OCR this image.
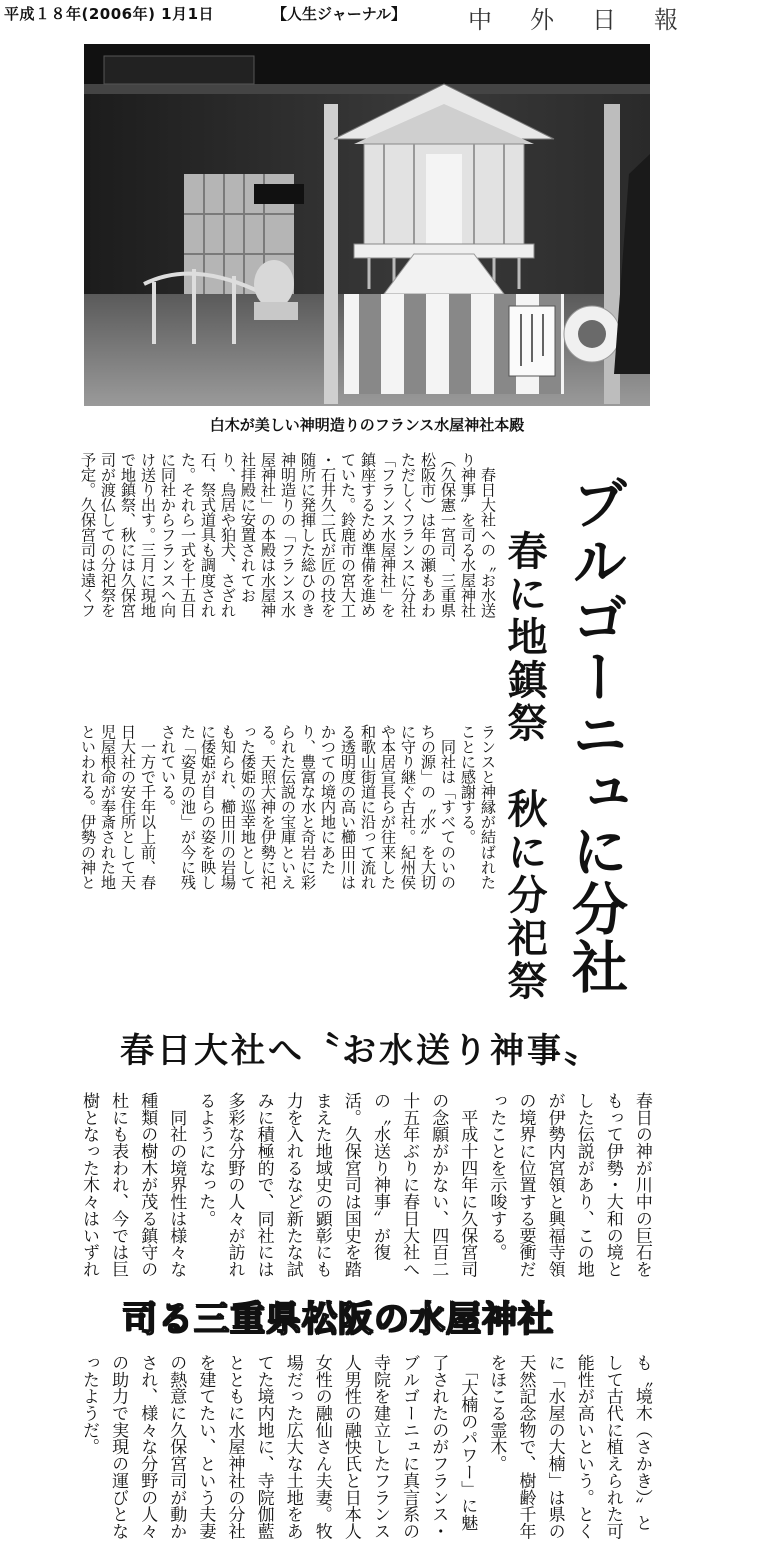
平成１８年(2006年) 1月1日	【人生ジャーナル】	中外日報
白木が美しい神明造りのフランス水屋神社本殿
ブルゴーニュに分社
春に地鎮祭　秋に分祀祭
　春日大社への〝お水送
り神事〟を司る水屋神社
（久保憲一宮司、三重県
松阪市）は年の瀬もあわ
ただしくフランスに分社
「フランス水屋神社」を
鎮座するため準備を進め
ていた。鈴鹿市の宮大工
・石井久二氏が匠の技を
随所に発揮した総ひのき
神明造りの「フランス水
屋神社」の本殿は水屋神
社拝殿に安置されてお
り、鳥居や狛犬、さざれ
石、祭式道具も調度され
た。それら一式を十五日
に同社からフランスへ向
け送り出す。三月に現地
で地鎮祭、秋には久保宮
司が渡仏しての分祀祭を
予定。久保宮司は遠くフ
ランスと神縁が結ばれた
ことに感謝する。
　同社は「すべてのいの
ちの源」の〝水〟を大切
に守り継ぐ古社。紀州侯
や本居宣長らが往来した
和歌山街道に沿って流れ
る透明度の高い櫛田川は
かつての境内地にあた
り、豊富な水と奇岩に彩
られた伝説の宝庫といえ
る。天照大神を伊勢に祀
った倭姫の巡幸地として
も知られ、櫛田川の岩場
に倭姫が自らの姿を映し
た「姿見の池」が今に残
されている。
　一方で千年以上前、春
日大社の安住所として天
児屋根命が奉斎された地
といわれる。伊勢の神と
春日大社へ〝お水送り神事〟
春日の神が川中の巨石を
もって伊勢・大和の境と
した伝説があり、この地
が伊勢内宮領と興福寺領
の境界に位置する要衝だ
ったことを示唆する。
　平成十四年に久保宮司
の念願がかない、四百二
十五年ぶりに春日大社へ
の〝水送り神事〟が復
活。久保宮司は国史を踏
まえた地域史の顕彰にも
力を入れるなど新たな試
みに積極的で、同社には
多彩な分野の人々が訪れ
るようになった。
　同社の境界性は様々な
種類の樹木が茂る鎮守の
杜にも表われ、今では巨
樹となった木々はいずれ
司る三重県松阪の水屋神社
も〝境木（さかき）〟と
して古代に植えられた可
能性が高いという。とく
に「水屋の大楠」は県の
天然記念物で、樹齢千年
をほこる霊木。
　「大楠のパワー」に魅
了されたのがフランス・
ブルゴーニュに真言系の
寺院を建立したフランス
人男性の融快氏と日本人
女性の融仙さん夫妻。牧
場だった広大な土地をあ
てた境内地に、寺院伽藍
とともに水屋神社の分社
を建てたい、という夫妻
の熱意に久保宮司が動か
され、様々な分野の人々
の助力で実現の運びとな
ったようだ。
